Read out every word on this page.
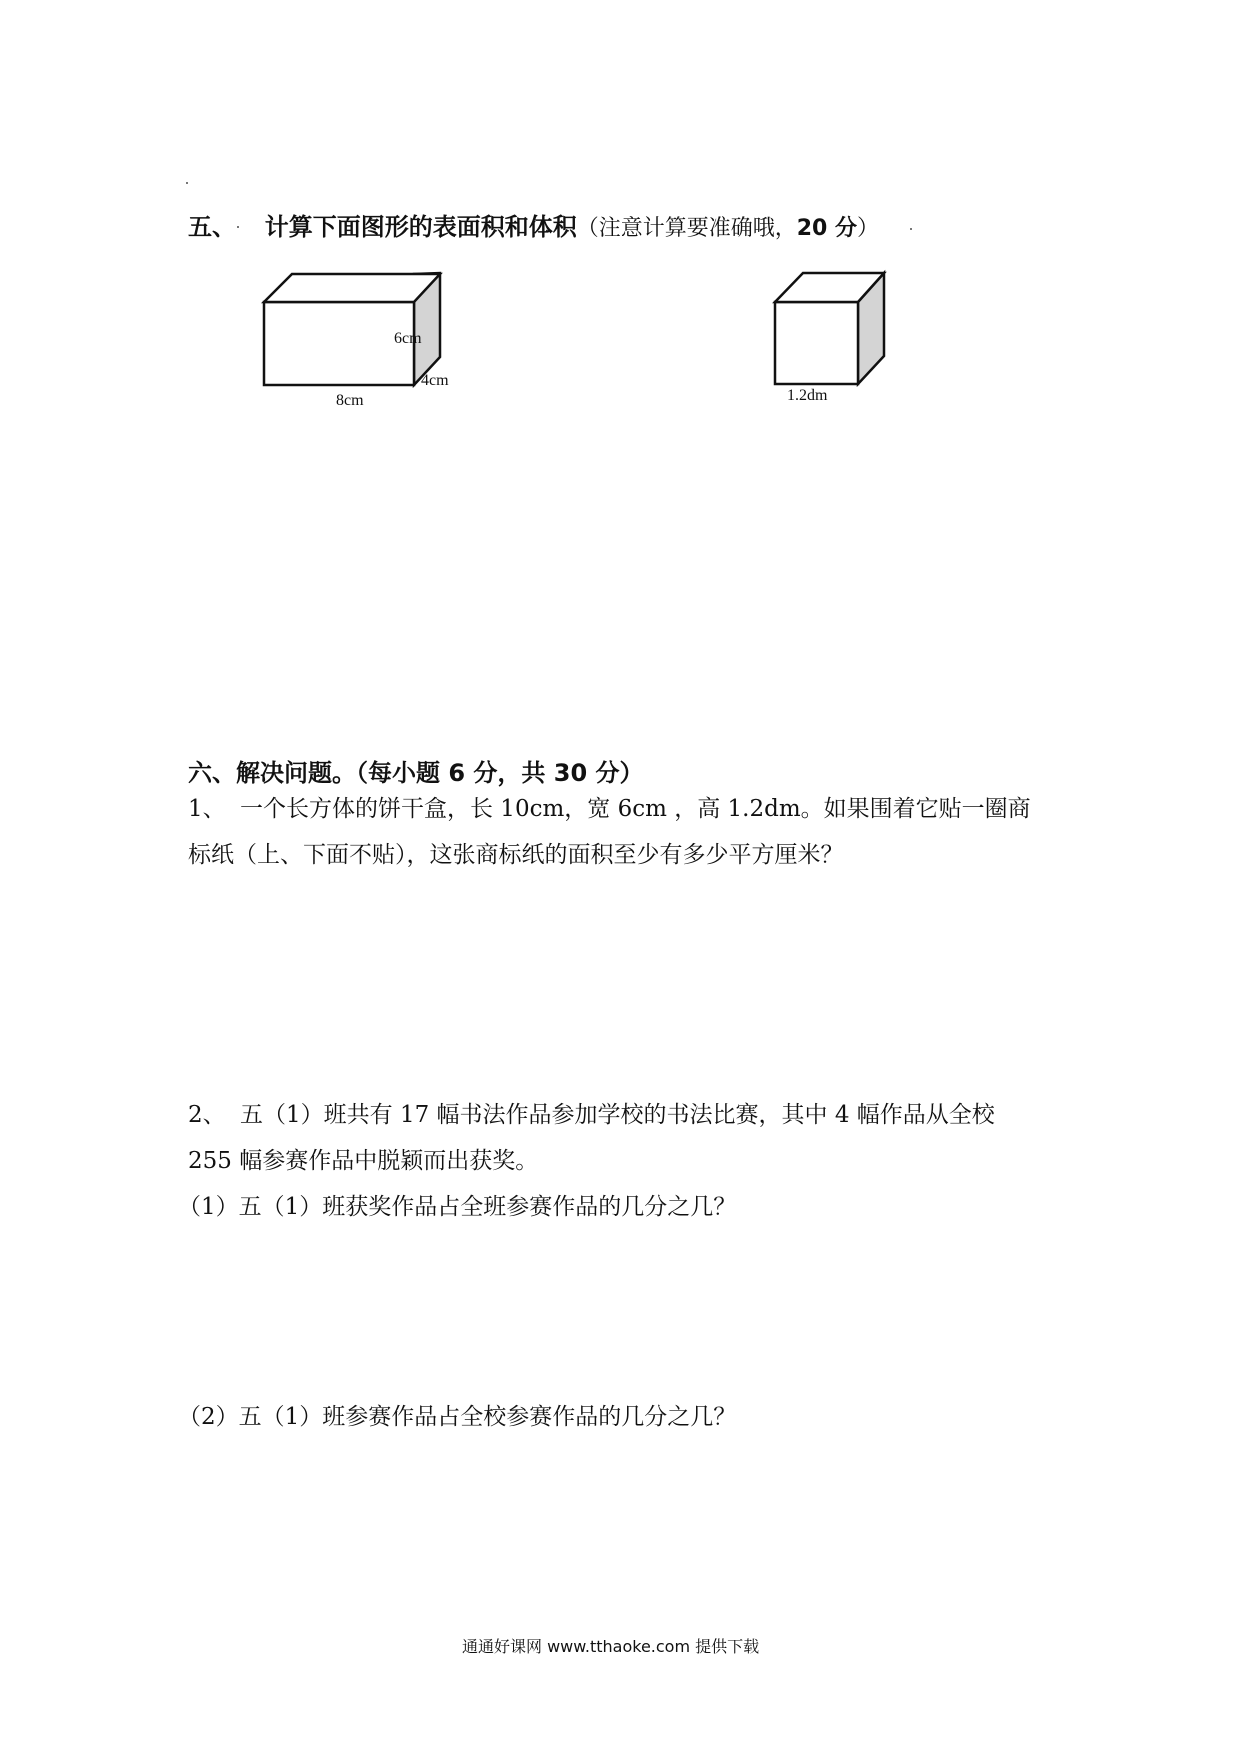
五、 计算下面图形的表面积和体积（注意计算要准确哦，20 分）
6cm
4cm
8cm	1.2dm
六、解决问题。（每小题 6 分，共 30 分）
1、 一个长方体的饼干盒，长 10cm，宽 6cm ，高 1.2dm。如果围着它贴一圈商
标纸（上、下面不贴），这张商标纸的面积至少有多少平方厘米？
2、 五（1）班共有 17 幅书法作品参加学校的书法比赛，其中 4 幅作品从全校
255 幅参赛作品中脱颖而出获奖。
（1）五（1）班获奖作品占全班参赛作品的几分之几？
（2）五（1）班参赛作品占全校参赛作品的几分之几？
通通好课网 www.tthaoke.com 提供下载
